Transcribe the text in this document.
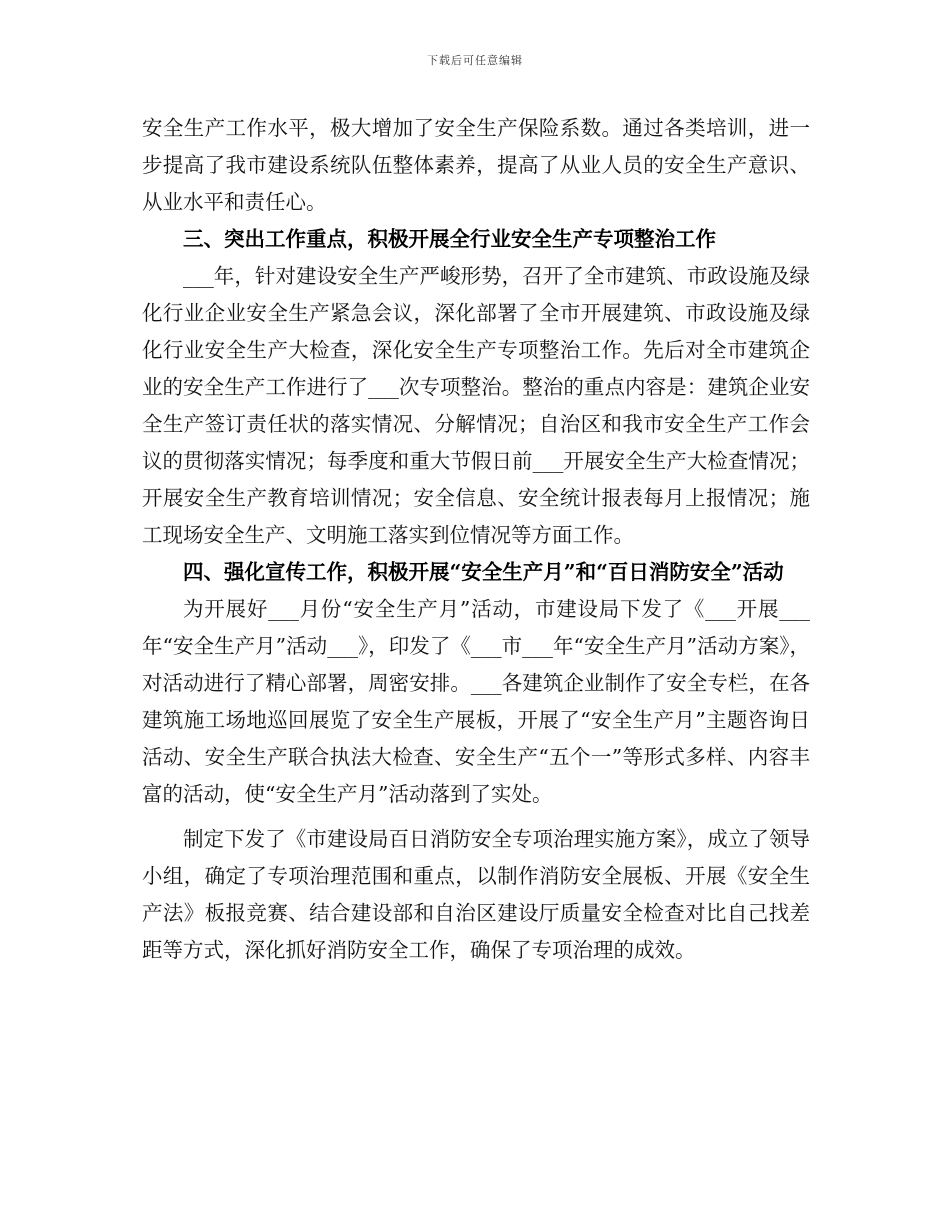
下载后可任意编辑

安全生产工作水平，极大增加了安全生产保险系数。通过各类培训，进一步提高了我市建设系统队伍整体素养，提高了从业人员的安全生产意识、从业水平和责任心。

三、突出工作重点，积极开展全行业安全生产专项整治工作

___年，针对建设安全生产严峻形势，召开了全市建筑、市政设施及绿化行业企业安全生产紧急会议，深化部署了全市开展建筑、市政设施及绿化行业安全生产大检查，深化安全生产专项整治工作。先后对全市建筑企业的安全生产工作进行了___次专项整治。整治的重点内容是：建筑企业安全生产签订责任状的落实情况、分解情况；自治区和我市安全生产工作会议的贯彻落实情况；每季度和重大节假日前___开展安全生产大检查情况；开展安全生产教育培训情况；安全信息、安全统计报表每月上报情况；施工现场安全生产、文明施工落实到位情况等方面工作。

四、强化宣传工作，积极开展“安全生产月”和“百日消防安全”活动

为开展好___月份“安全生产月”活动，市建设局下发了《___开展___年“安全生产月”活动___》，印发了《___市___年“安全生产月”活动方案》，对活动进行了精心部署，周密安排。___各建筑企业制作了安全专栏，在各建筑施工场地巡回展览了安全生产展板，开展了“安全生产月”主题咨询日活动、安全生产联合执法大检查、安全生产“五个一”等形式多样、内容丰富的活动，使“安全生产月”活动落到了实处。

制定下发了《市建设局百日消防安全专项治理实施方案》，成立了领导小组，确定了专项治理范围和重点，以制作消防安全展板、开展《安全生产法》板报竞赛、结合建设部和自治区建设厅质量安全检查对比自己找差距等方式，深化抓好消防安全工作，确保了专项治理的成效。
